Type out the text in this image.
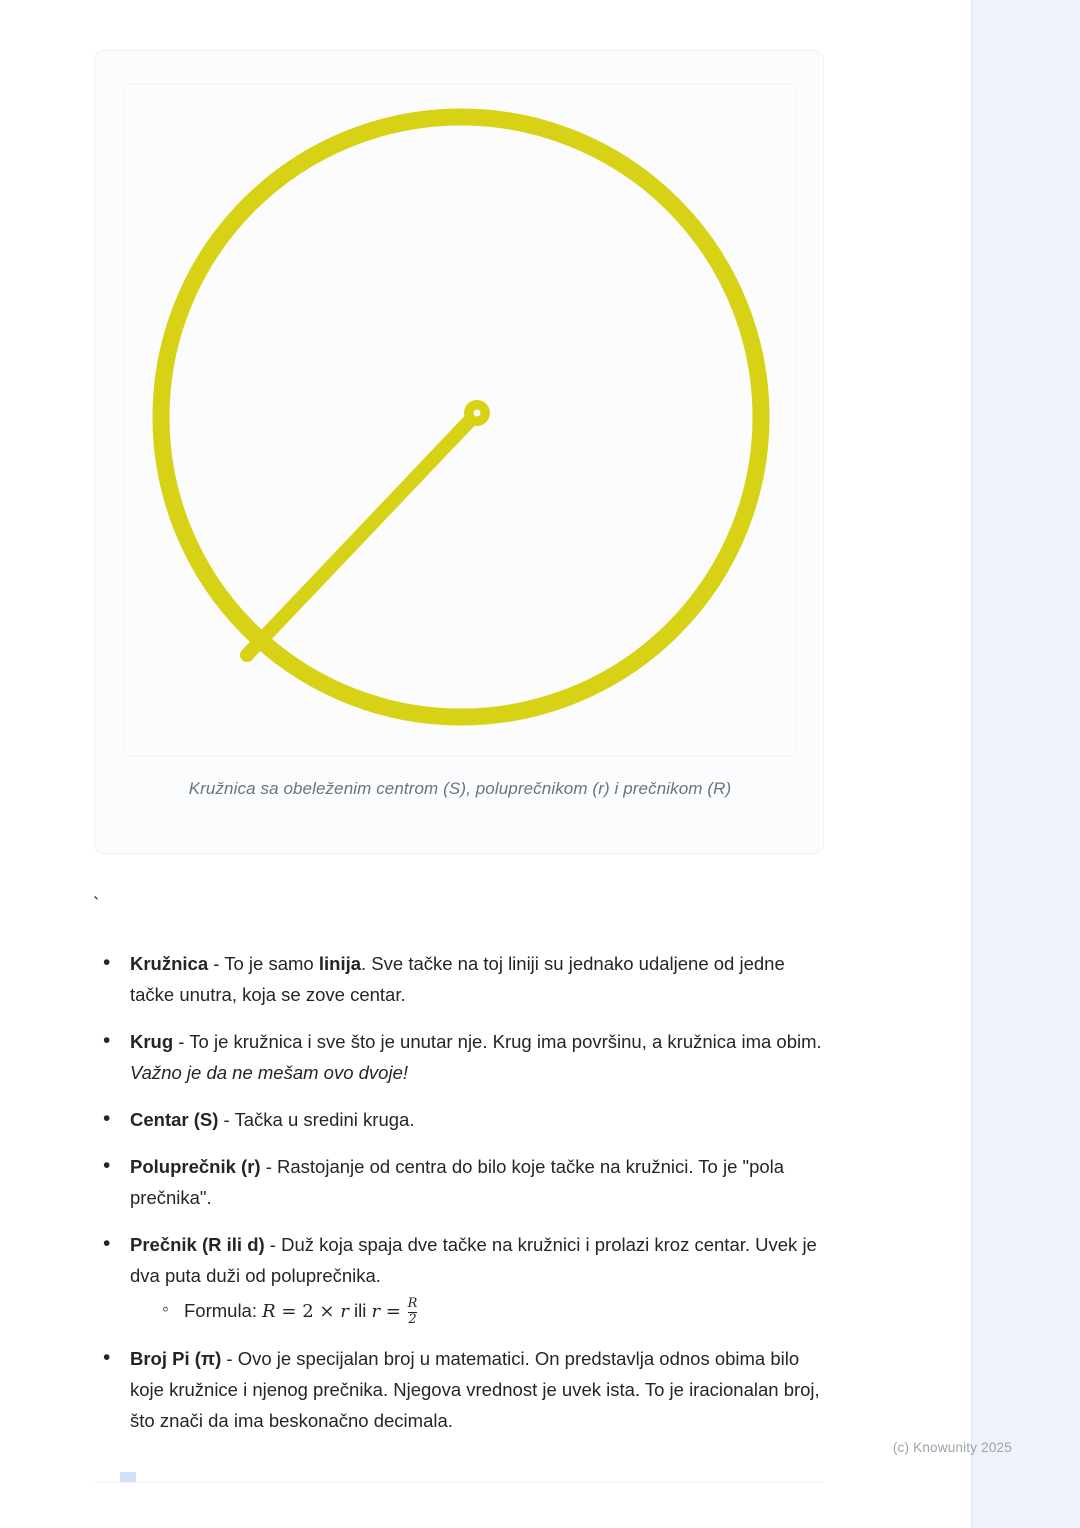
Kružnica sa obeleženim centrom (S), poluprečnikom (r) i prečnikom (R)
`
• Kružnica - To je samo linija. Sve tačke na toj liniji su jednako udaljene od jedne tačke unutra, koja se zove centar.
• Krug - To je kružnica i sve što je unutar nje. Krug ima površinu, a kružnica ima obim. Važno je da ne mešam ovo dvoje!
• Centar (S) - Tačka u sredini kruga.
• Poluprečnik (r) - Rastojanje od centra do bilo koje tačke na kružnici. To je "pola prečnika".
• Prečnik (R ili d) - Duž koja spaja dve tačke na kružnici i prolazi kroz centar. Uvek je dva puta duži od poluprečnika.
◦ Formula: R = 2 × r ili $r = \frac{R}{2}$
• Broj Pi (π) - Ovo je specijalan broj u matematici. On predstavlja odnos obima bilo koje kružnice i njenog prečnika. Njegova vrednost je uvek ista. To je iracionalan broj, što znači da ima beskonačno decimala.
(c) Knowunity 2025
